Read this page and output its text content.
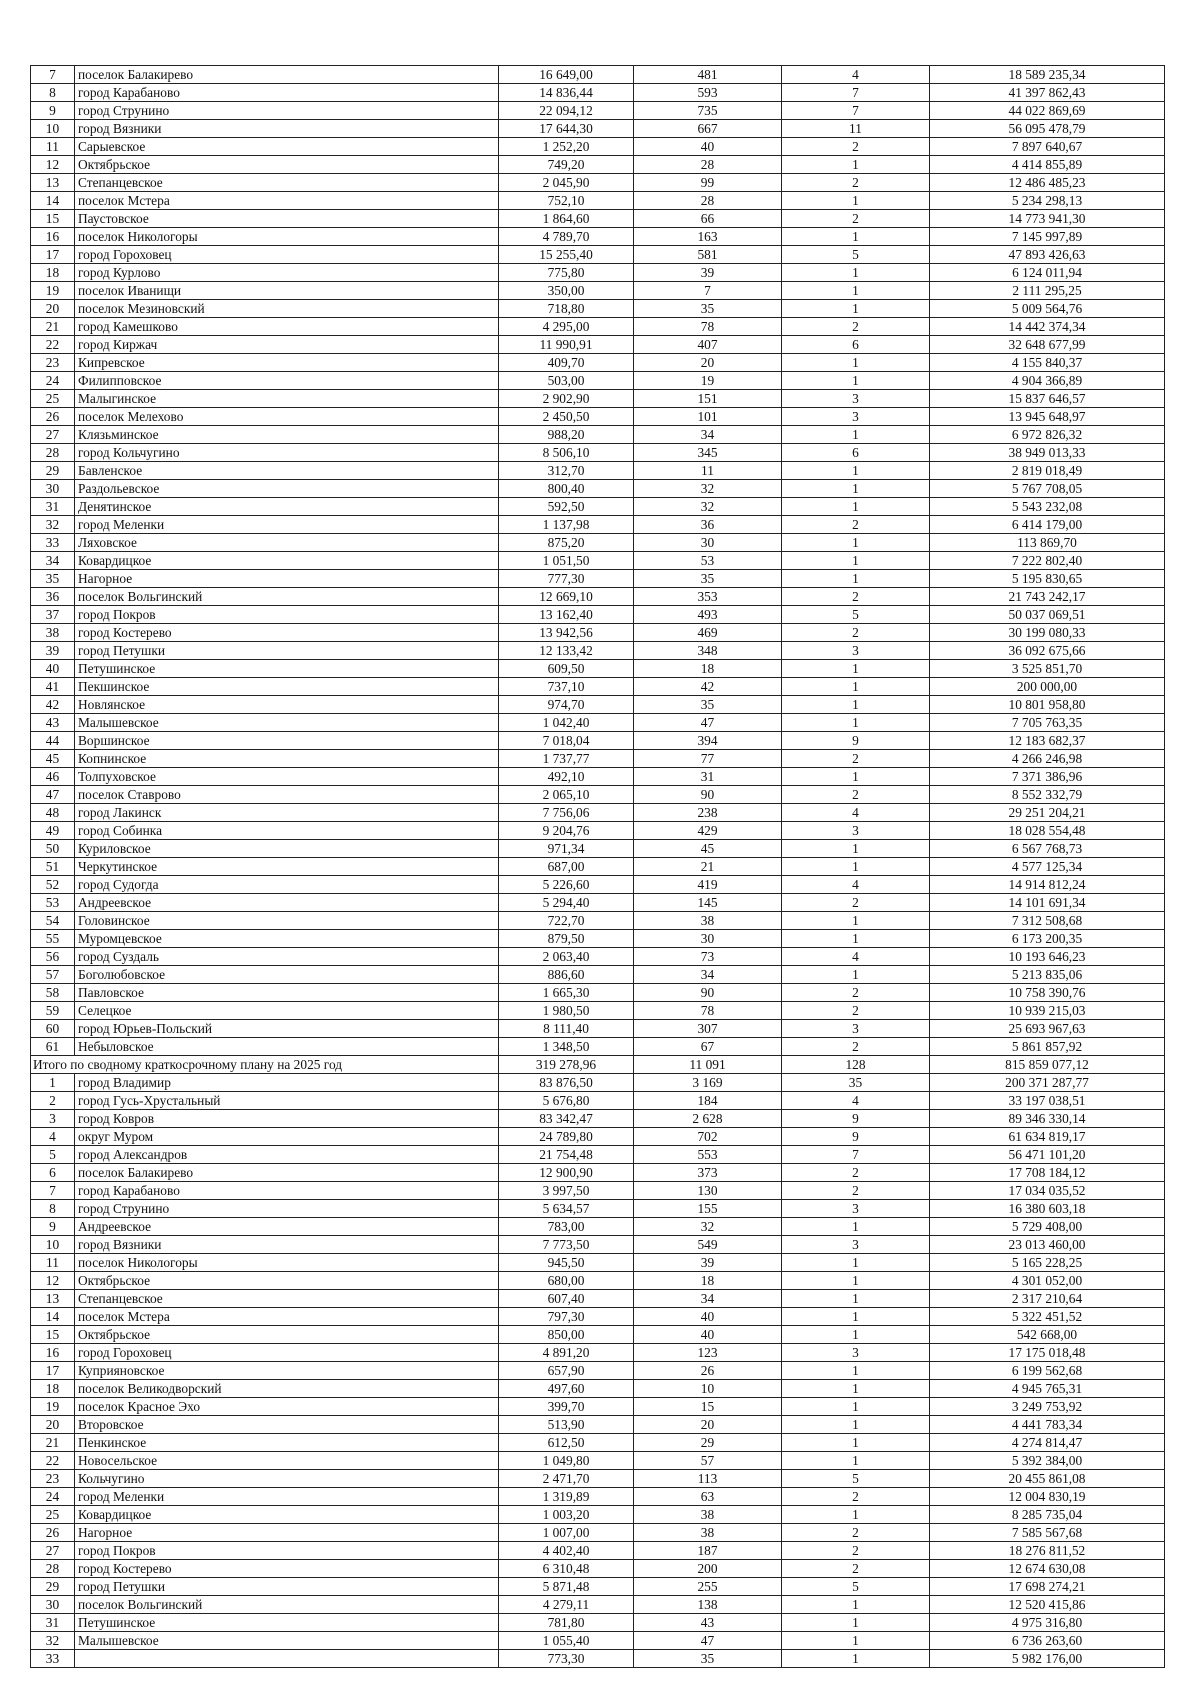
7	поселок Балакирево	16 649,00	481	4	18 589 235,34
8	город Карабаново	14 836,44	593	7	41 397 862,43
9	город Струнино	22 094,12	735	7	44 022 869,69
10	город Вязники	17 644,30	667	11	56 095 478,79
11	Сарыевское	1 252,20	40	2	7 897 640,67
12	Октябрьское	749,20	28	1	4 414 855,89
13	Степанцевское	2 045,90	99	2	12 486 485,23
14	поселок Мстера	752,10	28	1	5 234 298,13
15	Паустовское	1 864,60	66	2	14 773 941,30
16	поселок Никологоры	4 789,70	163	1	7 145 997,89
17	город Гороховец	15 255,40	581	5	47 893 426,63
18	город Курлово	775,80	39	1	6 124 011,94
19	поселок Иванищи	350,00	7	1	2 111 295,25
20	поселок Мезиновский	718,80	35	1	5 009 564,76
21	город Камешково	4 295,00	78	2	14 442 374,34
22	город Киржач	11 990,91	407	6	32 648 677,99
23	Кипревское	409,70	20	1	4 155 840,37
24	Филипповское	503,00	19	1	4 904 366,89
25	Малыгинское	2 902,90	151	3	15 837 646,57
26	поселок Мелехово	2 450,50	101	3	13 945 648,97
27	Клязьминское	988,20	34	1	6 972 826,32
28	город Кольчугино	8 506,10	345	6	38 949 013,33
29	Бавленское	312,70	11	1	2 819 018,49
30	Раздольевское	800,40	32	1	5 767 708,05
31	Денятинское	592,50	32	1	5 543 232,08
32	город Меленки	1 137,98	36	2	6 414 179,00
33	Ляховское	875,20	30	1	113 869,70
34	Ковардицкое	1 051,50	53	1	7 222 802,40
35	Нагорное	777,30	35	1	5 195 830,65
36	поселок Вольгинский	12 669,10	353	2	21 743 242,17
37	город Покров	13 162,40	493	5	50 037 069,51
38	город Костерево	13 942,56	469	2	30 199 080,33
39	город Петушки	12 133,42	348	3	36 092 675,66
40	Петушинское	609,50	18	1	3 525 851,70
41	Пекшинское	737,10	42	1	200 000,00
42	Новлянское	974,70	35	1	10 801 958,80
43	Малышевское	1 042,40	47	1	7 705 763,35
44	Воршинское	7 018,04	394	9	12 183 682,37
45	Копнинское	1 737,77	77	2	4 266 246,98
46	Толпуховское	492,10	31	1	7 371 386,96
47	поселок Ставрово	2 065,10	90	2	8 552 332,79
48	город Лакинск	7 756,06	238	4	29 251 204,21
49	город Собинка	9 204,76	429	3	18 028 554,48
50	Куриловское	971,34	45	1	6 567 768,73
51	Черкутинское	687,00	21	1	4 577 125,34
52	город Судогда	5 226,60	419	4	14 914 812,24
53	Андреевское	5 294,40	145	2	14 101 691,34
54	Головинское	722,70	38	1	7 312 508,68
55	Муромцевское	879,50	30	1	6 173 200,35
56	город Суздаль	2 063,40	73	4	10 193 646,23
57	Боголюбовское	886,60	34	1	5 213 835,06
58	Павловское	1 665,30	90	2	10 758 390,76
59	Селецкое	1 980,50	78	2	10 939 215,03
60	город Юрьев-Польский	8 111,40	307	3	25 693 967,63
61	Небыловское	1 348,50	67	2	5 861 857,92
Итого по сводному краткосрочному плану на 2025 год		319 278,96	11 091	128	815 859 077,12
1	город Владимир	83 876,50	3 169	35	200 371 287,77
2	город Гусь-Хрустальный	5 676,80	184	4	33 197 038,51
3	город Ковров	83 342,47	2 628	9	89 346 330,14
4	округ Муром	24 789,80	702	9	61 634 819,17
5	город Александров	21 754,48	553	7	56 471 101,20
6	поселок Балакирево	12 900,90	373	2	17 708 184,12
7	город Карабаново	3 997,50	130	2	17 034 035,52
8	город Струнино	5 634,57	155	3	16 380 603,18
9	Андреевское	783,00	32	1	5 729 408,00
10	город Вязники	7 773,50	549	3	23 013 460,00
11	поселок Никологоры	945,50	39	1	5 165 228,25
12	Октябрьское	680,00	18	1	4 301 052,00
13	Степанцевское	607,40	34	1	2 317 210,64
14	поселок Мстера	797,30	40	1	5 322 451,52
15	Октябрьское	850,00	40	1	542 668,00
16	город Гороховец	4 891,20	123	3	17 175 018,48
17	Куприяновское	657,90	26	1	6 199 562,68
18	поселок Великодворский	497,60	10	1	4 945 765,31
19	поселок Красное Эхо	399,70	15	1	3 249 753,92
20	Второвское	513,90	20	1	4 441 783,34
21	Пенкинское	612,50	29	1	4 274 814,47
22	Новосельское	1 049,80	57	1	5 392 384,00
23	Кольчугино	2 471,70	113	5	20 455 861,08
24	город Меленки	1 319,89	63	2	12 004 830,19
25	Ковардицкое	1 003,20	38	1	8 285 735,04
26	Нагорное	1 007,00	38	2	7 585 567,68
27	город Покров	4 402,40	187	2	18 276 811,52
28	город Костерево	6 310,48	200	2	12 674 630,08
29	город Петушки	5 871,48	255	5	17 698 274,21
30	поселок Вольгинский	4 279,11	138	1	12 520 415,86
31	Петушинское	781,80	43	1	4 975 316,80
32	Малышевское	1 055,40	47	1	6 736 263,60
33		773,30	35	1	5 982 176,00
